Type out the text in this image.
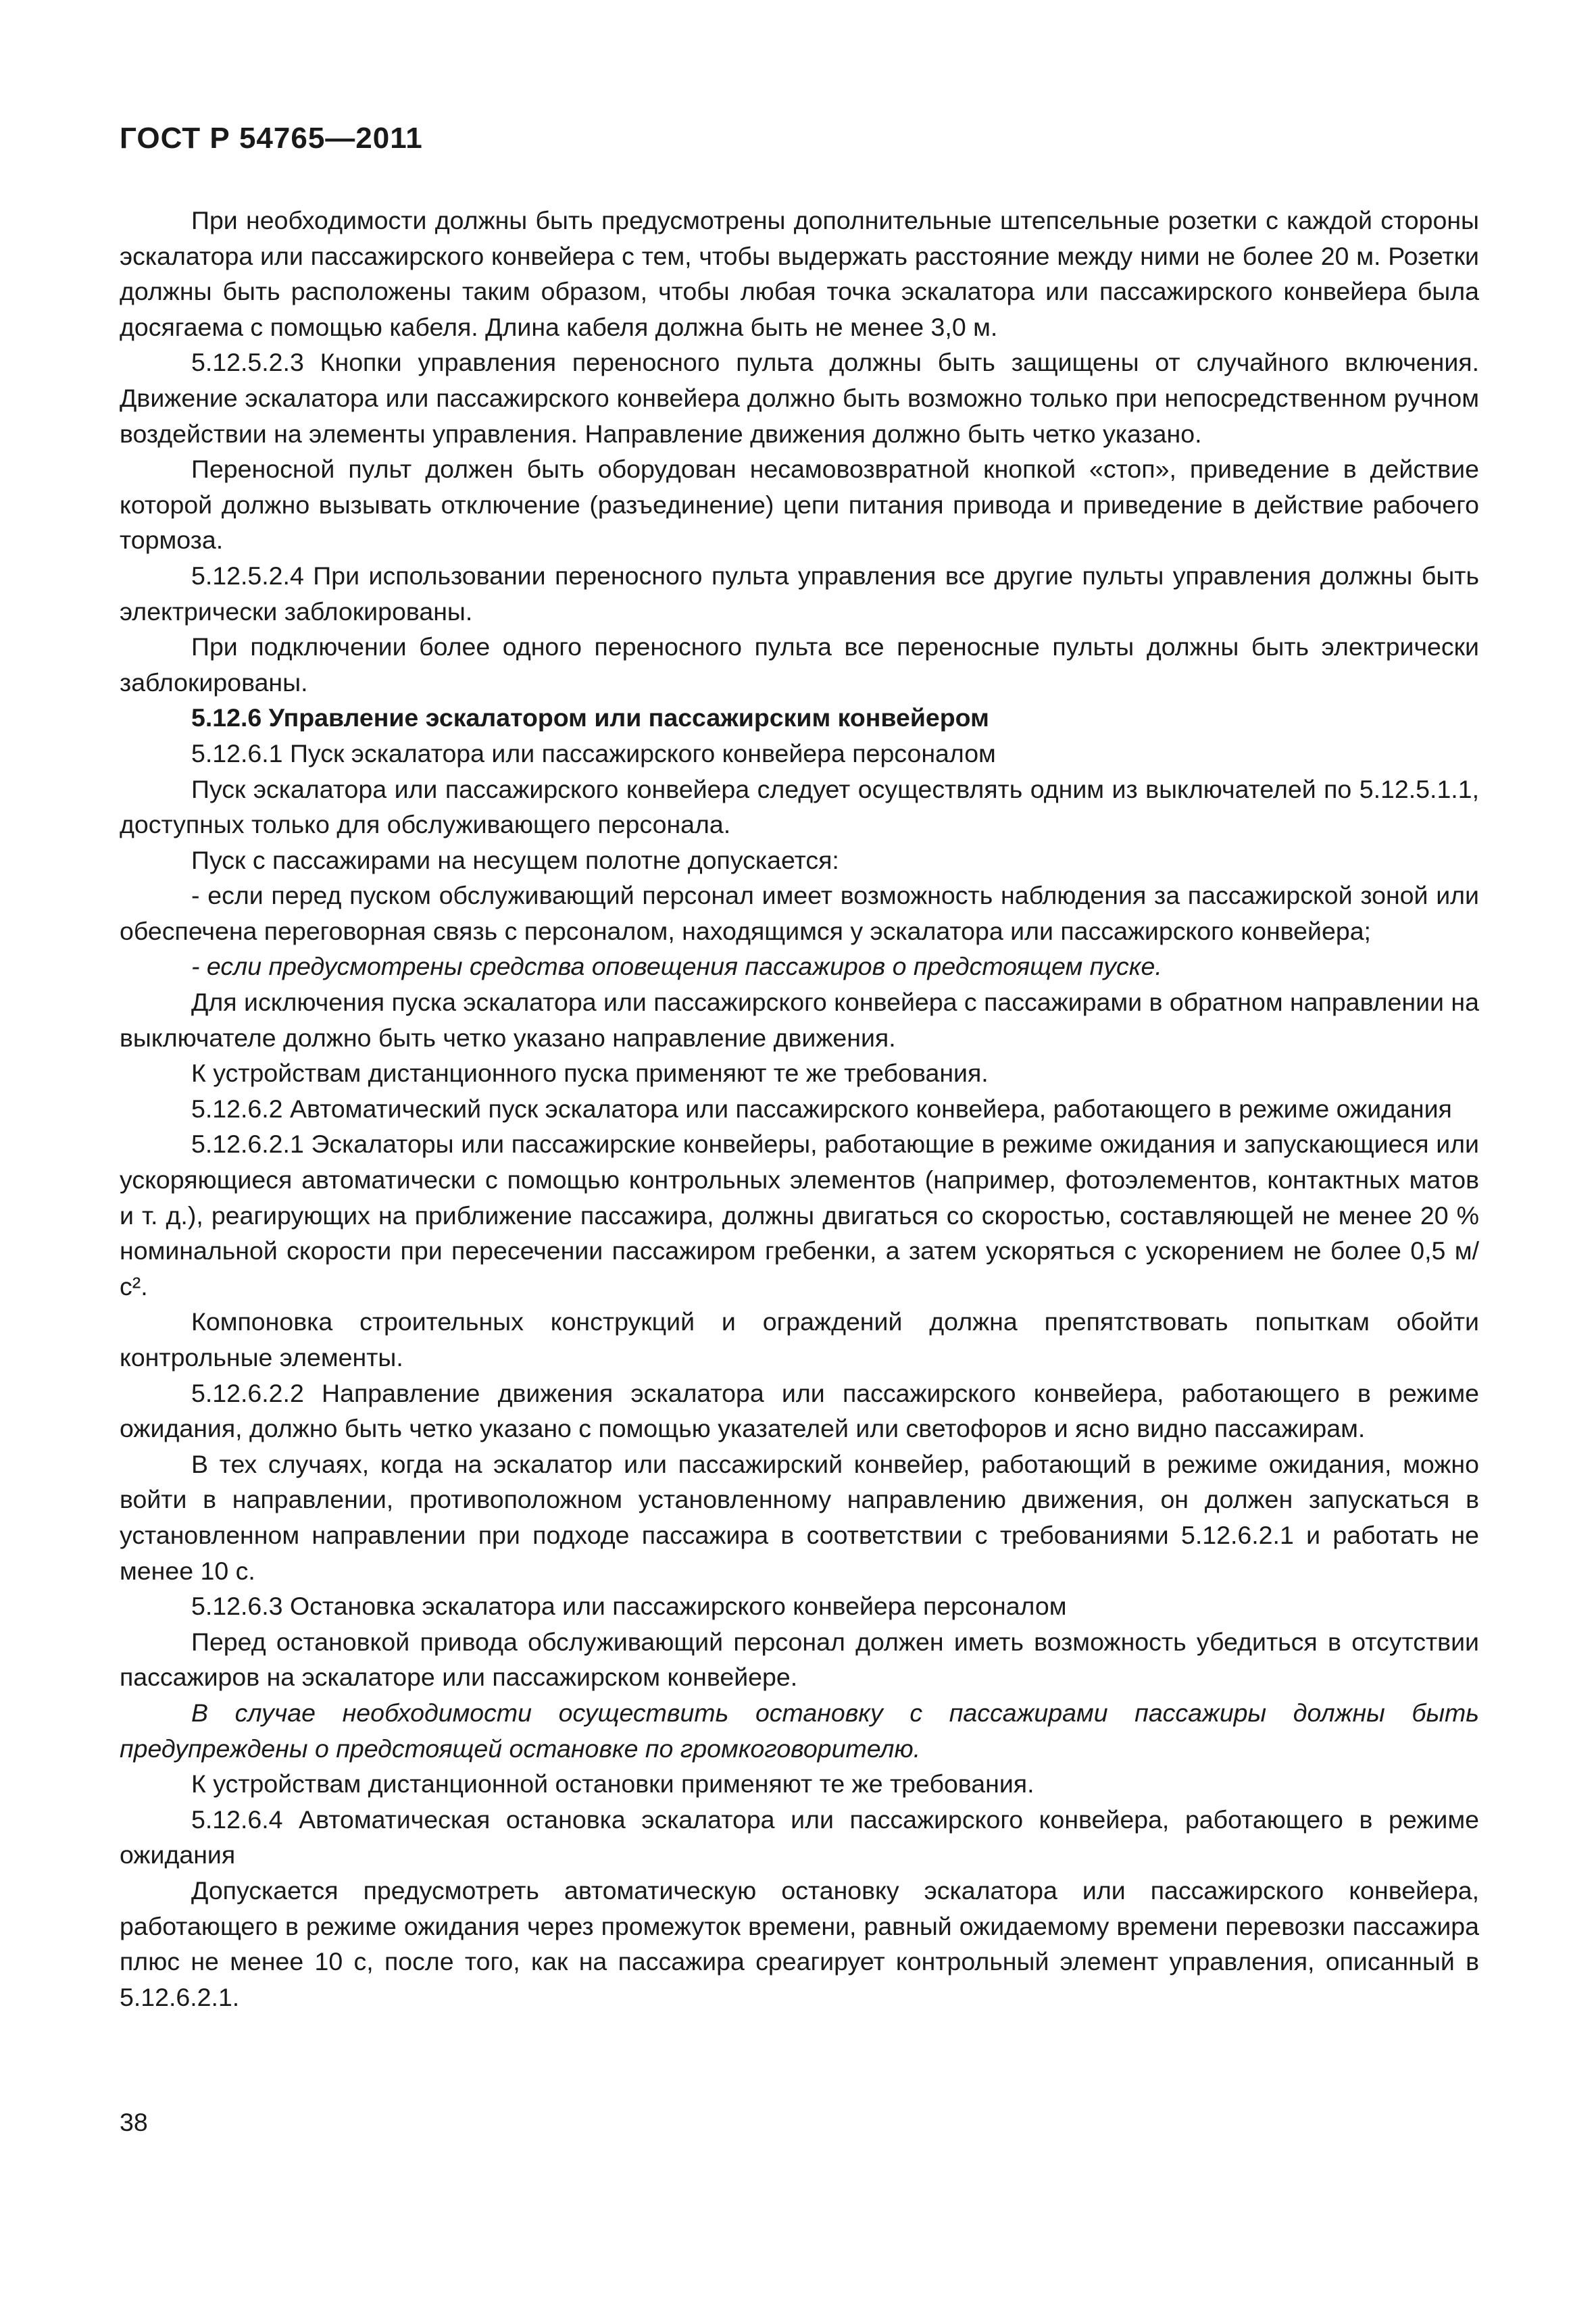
ГОСТ Р 54765—2011

При необходимости должны быть предусмотрены дополнительные штепсельные розетки с каждой стороны эскалатора или пассажирского конвейера с тем, чтобы выдержать расстояние между ними не более 20 м. Розетки должны быть расположены таким образом, чтобы любая точка эскалатора или пассажирского конвейера была досягаема с помощью кабеля. Длина кабеля должна быть не менее 3,0 м.

5.12.5.2.3 Кнопки управления переносного пульта должны быть защищены от случайного включения. Движение эскалатора или пассажирского конвейера должно быть возможно только при непосредственном ручном воздействии на элементы управления. Направление движения должно быть четко указано.

Переносной пульт должен быть оборудован несамовозвратной кнопкой «стоп», приведение в действие которой должно вызывать отключение (разъединение) цепи питания привода и приведение в действие рабочего тормоза.

5.12.5.2.4 При использовании переносного пульта управления все другие пульты управления должны быть электрически заблокированы.

При подключении более одного переносного пульта все переносные пульты должны быть электрически заблокированы.

5.12.6 Управление эскалатором или пассажирским конвейером

5.12.6.1 Пуск эскалатора или пассажирского конвейера персоналом

Пуск эскалатора или пассажирского конвейера следует осуществлять одним из выключателей по 5.12.5.1.1, доступных только для обслуживающего персонала.

Пуск с пассажирами на несущем полотне допускается:

- если перед пуском обслуживающий персонал имеет возможность наблюдения за пассажирской зоной или обеспечена переговорная связь с персоналом, находящимся у эскалатора или пассажирского конвейера;

- если предусмотрены средства оповещения пассажиров о предстоящем пуске.

Для исключения пуска эскалатора или пассажирского конвейера с пассажирами в обратном направлении на выключателе должно быть четко указано направление движения.

К устройствам дистанционного пуска применяют те же требования.

5.12.6.2 Автоматический пуск эскалатора или пассажирского конвейера, работающего в режиме ожидания

5.12.6.2.1 Эскалаторы или пассажирские конвейеры, работающие в режиме ожидания и запускающиеся или ускоряющиеся автоматически с помощью контрольных элементов (например, фотоэлементов, контактных матов и т. д.), реагирующих на приближение пассажира, должны двигаться со скоростью, составляющей не менее 20 % номинальной скорости при пересечении пассажиром гребенки, а затем ускоряться с ускорением не более 0,5 м/с².

Компоновка строительных конструкций и ограждений должна препятствовать попыткам обойти контрольные элементы.

5.12.6.2.2 Направление движения эскалатора или пассажирского конвейера, работающего в режиме ожидания, должно быть четко указано с помощью указателей или светофоров и ясно видно пассажирам.

В тех случаях, когда на эскалатор или пассажирский конвейер, работающий в режиме ожидания, можно войти в направлении, противоположном установленному направлению движения, он должен запускаться в установленном направлении при подходе пассажира в соответствии с требованиями 5.12.6.2.1 и работать не менее 10 с.

5.12.6.3 Остановка эскалатора или пассажирского конвейера персоналом

Перед остановкой привода обслуживающий персонал должен иметь возможность убедиться в отсутствии пассажиров на эскалаторе или пассажирском конвейере.

В случае необходимости осуществить остановку с пассажирами пассажиры должны быть предупреждены о предстоящей остановке по громкоговорителю.

К устройствам дистанционной остановки применяют те же требования.

5.12.6.4 Автоматическая остановка эскалатора или пассажирского конвейера, работающего в режиме ожидания

Допускается предусмотреть автоматическую остановку эскалатора или пассажирского конвейера, работающего в режиме ожидания через промежуток времени, равный ожидаемому времени перевозки пассажира плюс не менее 10 с, после того, как на пассажира среагирует контрольный элемент управления, описанный в 5.12.6.2.1.

38
